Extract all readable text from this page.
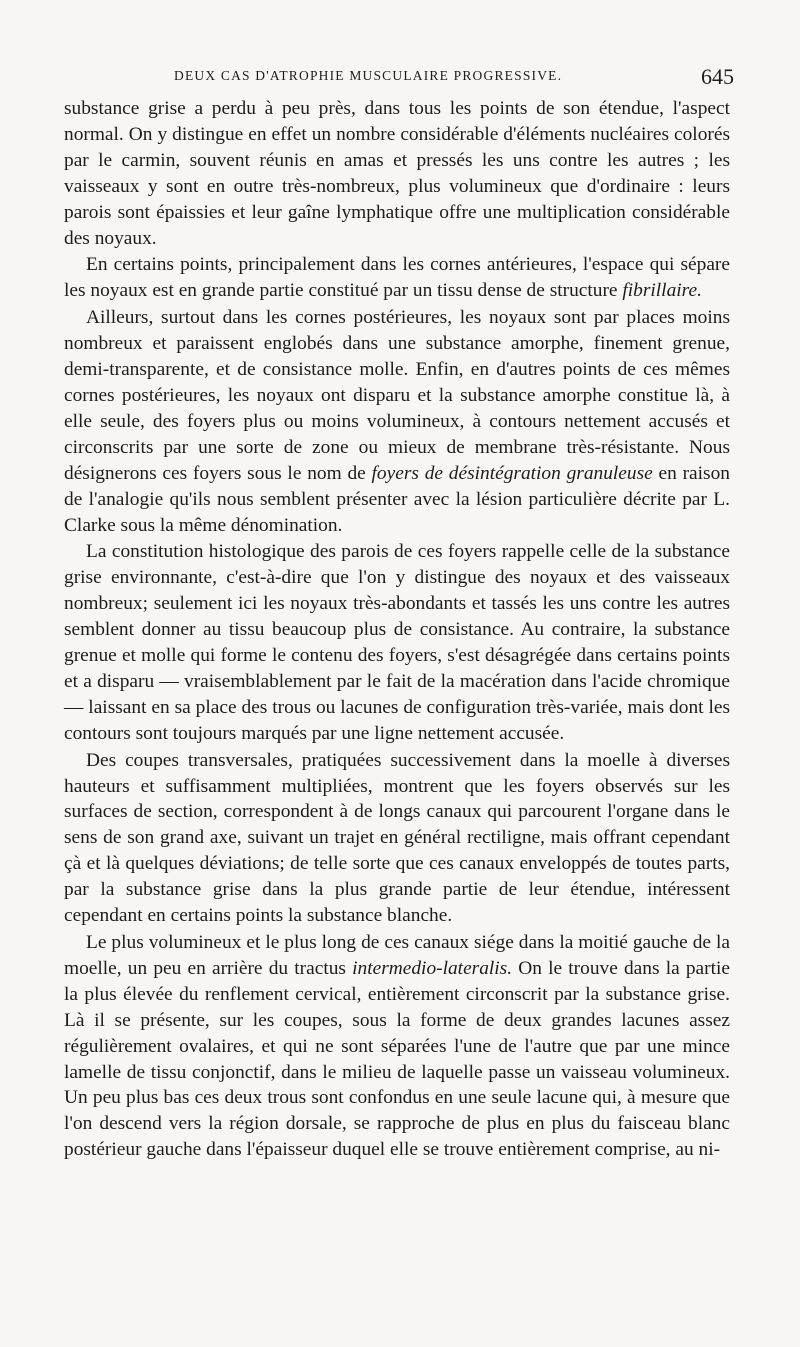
DEUX CAS D'ATROPHIE MUSCULAIRE PROGRESSIVE.	645

substance grise a perdu à peu près, dans tous les points de son étendue, l'aspect normal. On y distingue en effet un nombre considérable d'éléments nucléaires colorés par le carmin, souvent réunis en amas et pressés les uns contre les autres ; les vaisseaux y sont en outre très-nombreux, plus volumineux que d'ordinaire : leurs parois sont épaissies et leur gaîne lymphatique offre une multiplication considérable des noyaux.

En certains points, principalement dans les cornes antérieures, l'espace qui sépare les noyaux est en grande partie constitué par un tissu dense de structure fibrillaire.

Ailleurs, surtout dans les cornes postérieures, les noyaux sont par places moins nombreux et paraissent englobés dans une substance amorphe, finement grenue, demi-transparente, et de consistance molle. Enfin, en d'autres points de ces mêmes cornes postérieures, les noyaux ont disparu et la substance amorphe constitue là, à elle seule, des foyers plus ou moins volumineux, à contours nettement accusés et circonscrits par une sorte de zone ou mieux de membrane très-résistante. Nous désignerons ces foyers sous le nom de foyers de désintégration granuleuse en raison de l'analogie qu'ils nous semblent présenter avec la lésion particulière décrite par L. Clarke sous la même dénomination.

La constitution histologique des parois de ces foyers rappelle celle de la substance grise environnante, c'est-à-dire que l'on y distingue des noyaux et des vaisseaux nombreux; seulement ici les noyaux très-abondants et tassés les uns contre les autres semblent donner au tissu beaucoup plus de consistance. Au contraire, la substance grenue et molle qui forme le contenu des foyers, s'est désagrégée dans certains points et a disparu — vraisemblablement par le fait de la macération dans l'acide chromique — laissant en sa place des trous ou lacunes de configuration très-variée, mais dont les contours sont toujours marqués par une ligne nettement accusée.

Des coupes transversales, pratiquées successivement dans la moelle à diverses hauteurs et suffisamment multipliées, montrent que les foyers observés sur les surfaces de section, correspondent à de longs canaux qui parcourent l'organe dans le sens de son grand axe, suivant un trajet en général rectiligne, mais offrant cependant çà et là quelques déviations; de telle sorte que ces canaux enveloppés de toutes parts, par la substance grise dans la plus grande partie de leur étendue, intéressent cependant en certains points la substance blanche.

Le plus volumineux et le plus long de ces canaux siége dans la moitié gauche de la moelle, un peu en arrière du tractus intermedio-lateralis. On le trouve dans la partie la plus élevée du renflement cervical, entièrement circonscrit par la substance grise. Là il se présente, sur les coupes, sous la forme de deux grandes lacunes assez régulièrement ovalaires, et qui ne sont séparées l'une de l'autre que par une mince lamelle de tissu conjonctif, dans le milieu de laquelle passe un vaisseau volumineux. Un peu plus bas ces deux trous sont confondus en une seule lacune qui, à mesure que l'on descend vers la région dorsale, se rapproche de plus en plus du faisceau blanc postérieur gauche dans l'épaisseur duquel elle se trouve entièrement comprise, au ni-
